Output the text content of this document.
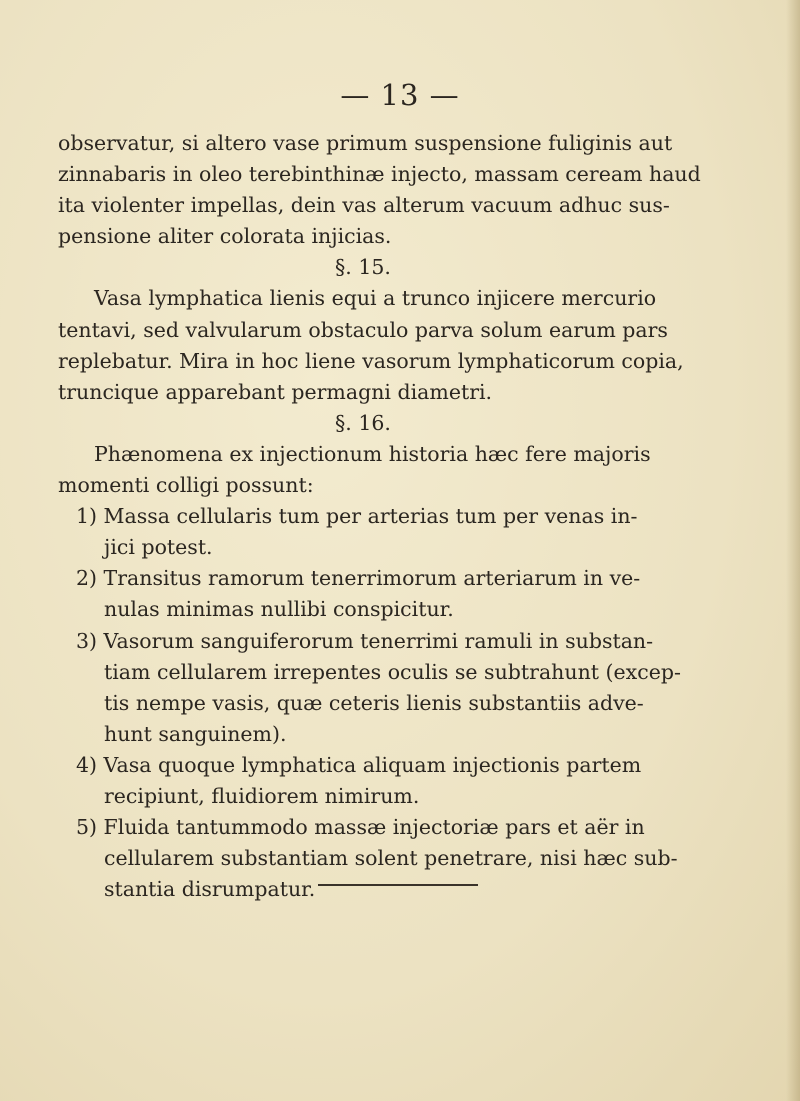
— 13 —
observatur, si altero vase primum suspensione fuliginis aut
zinnabaris in oleo terebinthinæ injecto, massam ceream haud
ita violenter impellas, dein vas alterum vacuum adhuc sus-
pensione aliter colorata injicias.
§. 15.
Vasa lymphatica lienis equi a trunco injicere mercurio
tentavi, sed valvularum obstaculo parva solum earum pars
replebatur. Mira in hoc liene vasorum lymphaticorum copia,
truncique apparebant permagni diametri.
§. 16.
Phænomena ex injectionum historia hæc fere majoris
momenti colligi possunt:
1) Massa cellularis tum per arterias tum per venas in-
jici potest.
2) Transitus ramorum tenerrimorum arteriarum in ve-
nulas minimas nullibi conspicitur.
3) Vasorum sanguiferorum tenerrimi ramuli in substan-
tiam cellularem irrepentes oculis se subtrahunt (excep-
tis nempe vasis, quæ ceteris lienis substantiis adve-
hunt sanguinem).
4) Vasa quoque lymphatica aliquam injectionis partem
recipiunt, fluidiorem nimirum.
5) Fluida tantummodo massæ injectoriæ pars et aër in
cellularem substantiam solent penetrare, nisi hæc sub-
stantia disrumpatur.
